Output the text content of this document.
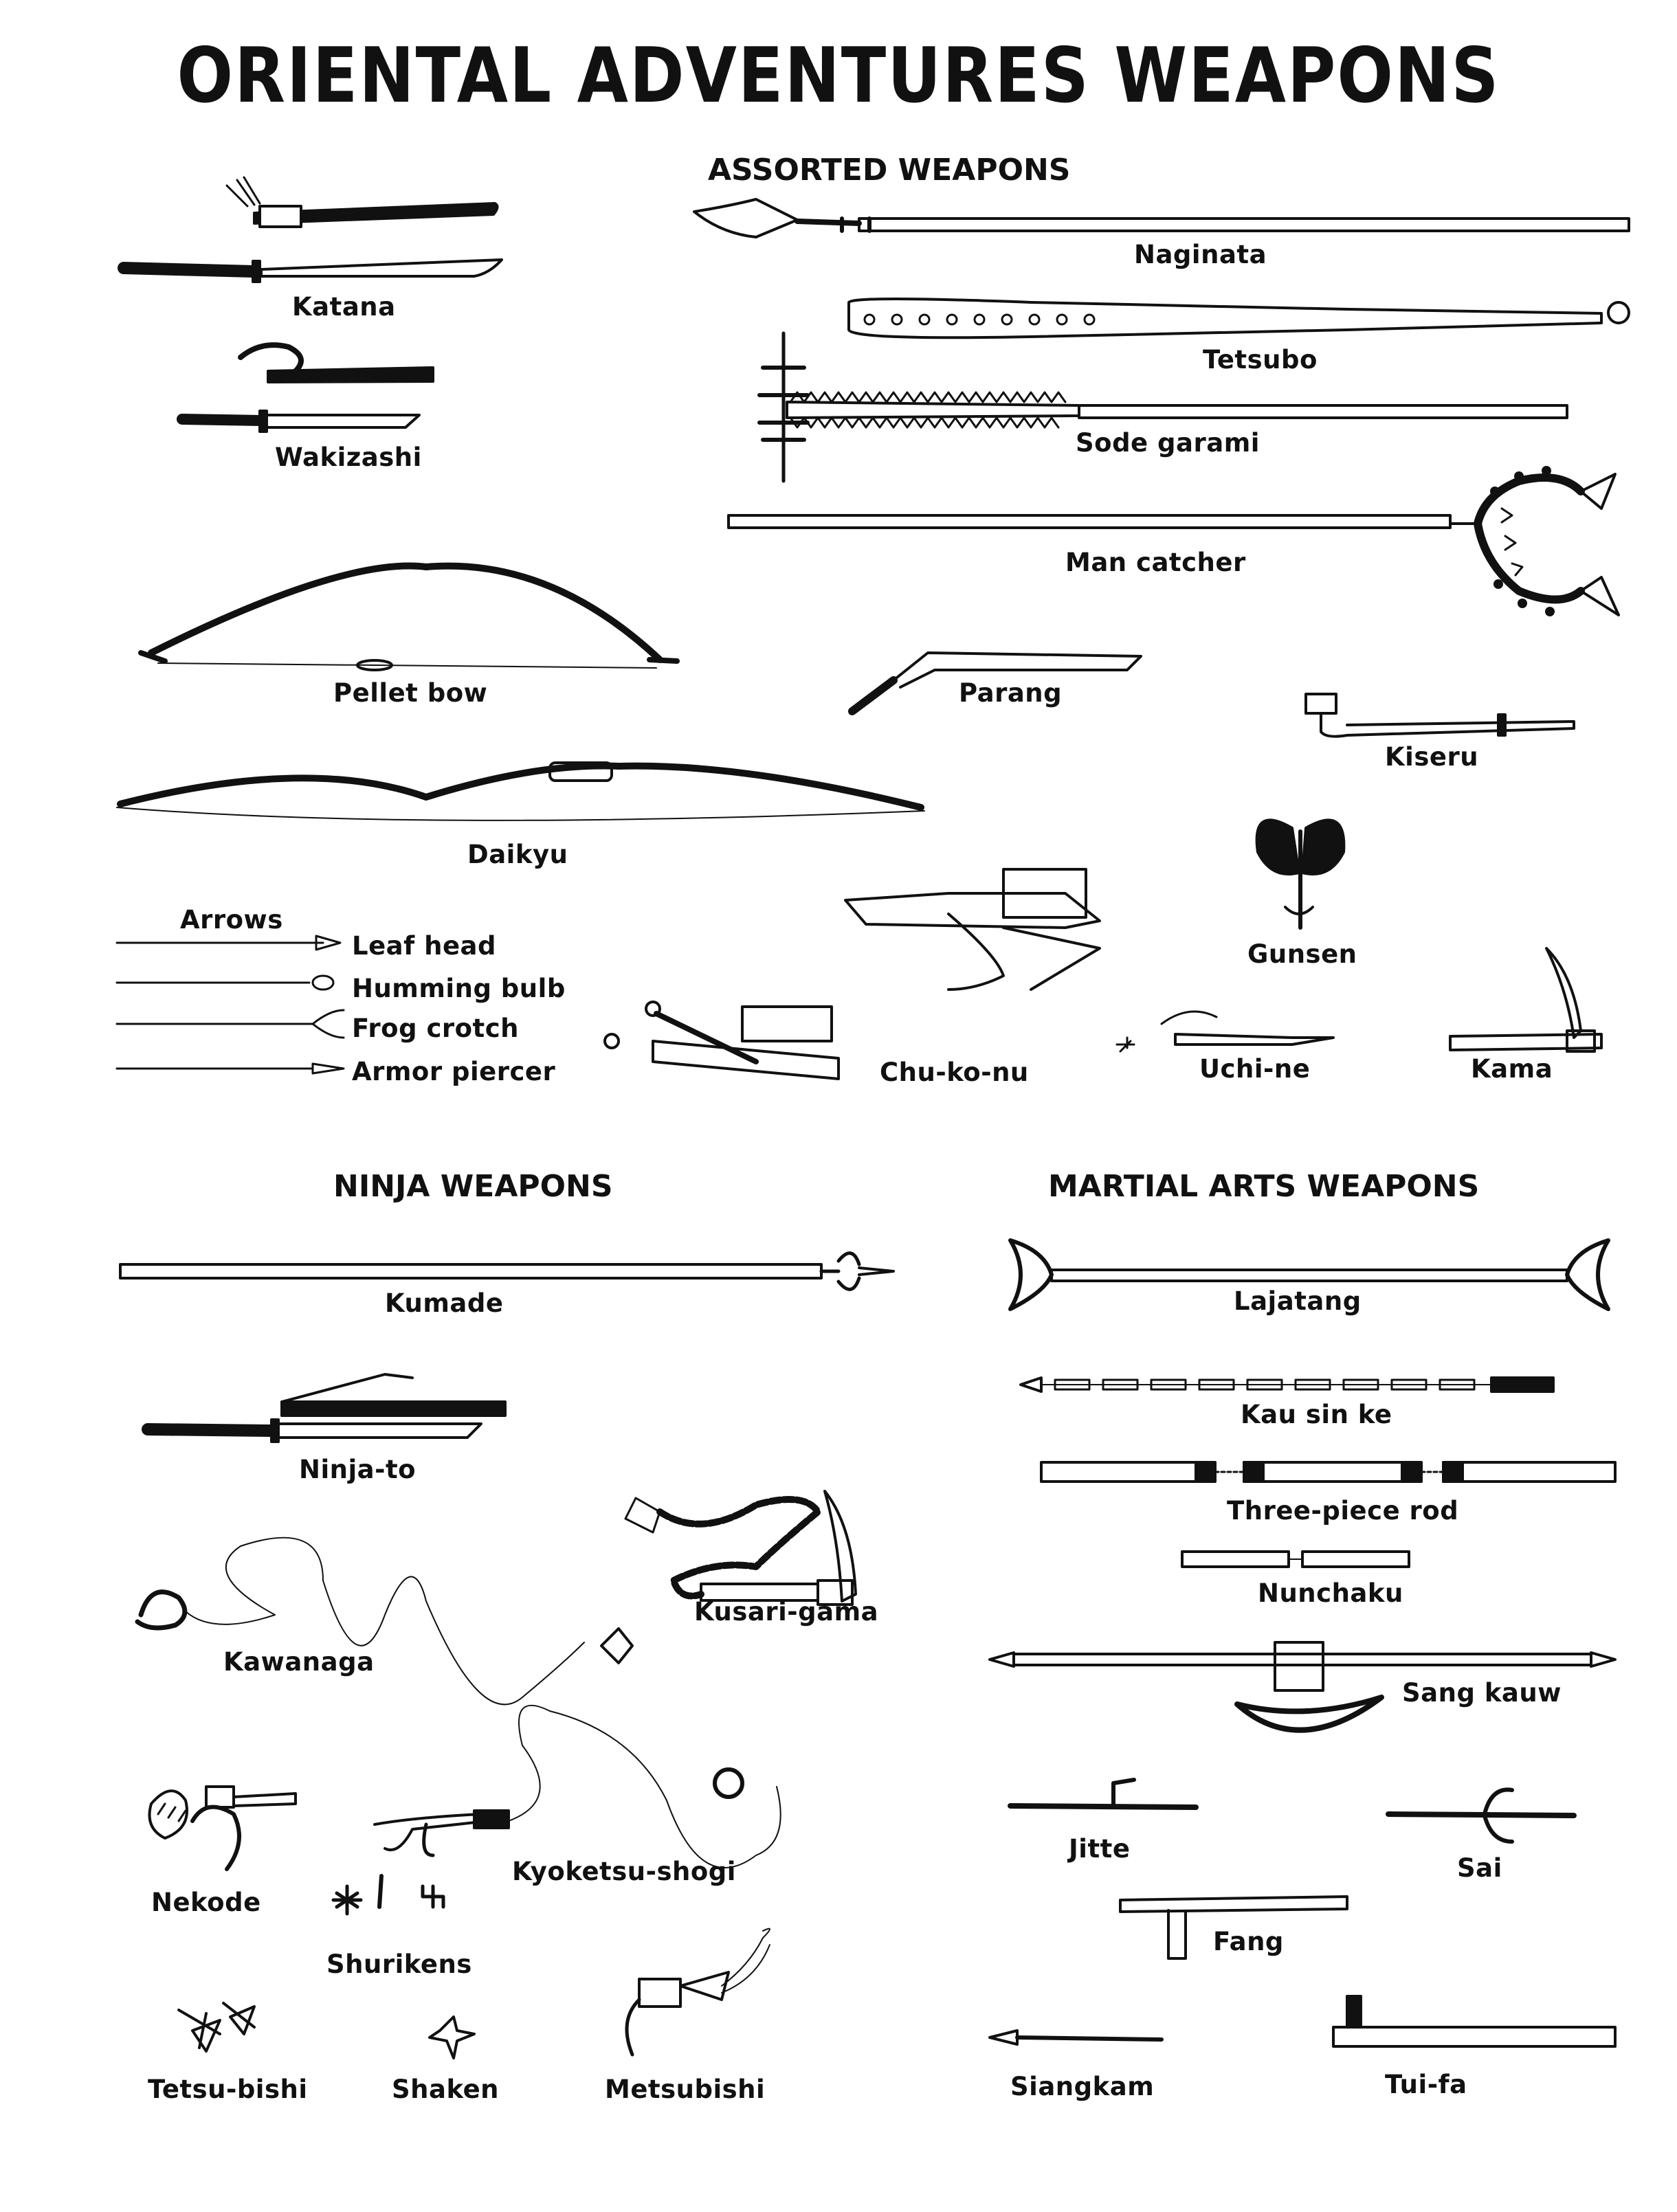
ORIENTAL ADVENTURES WEAPONS
ASSORTED WEAPONS
NINJA WEAPONS	MARTIAL ARTS WEAPONS
Katana
Wakizashi
Naginata
Tetsubo
Sode garami
Man catcher
Pellet bow	Parang
Kiseru
Daikyu
Gunsen
Arrows
Leaf head
Humming bulb
Frog crotch
Armor piercer	Chu-ko-nu	Uchi-ne	Kama
Kumade
Ninja-to
Kusari-gama
Kawanaga
Nekode
Kyoketsu-shogi
Shurikens
Tetsu-bishi	Shaken	Metsubishi
Lajatang
Kau sin ke
Three-piece rod
Nunchaku
Sang kauw
Jitte
Sai
Fang
Siangkam	Tui-fa
